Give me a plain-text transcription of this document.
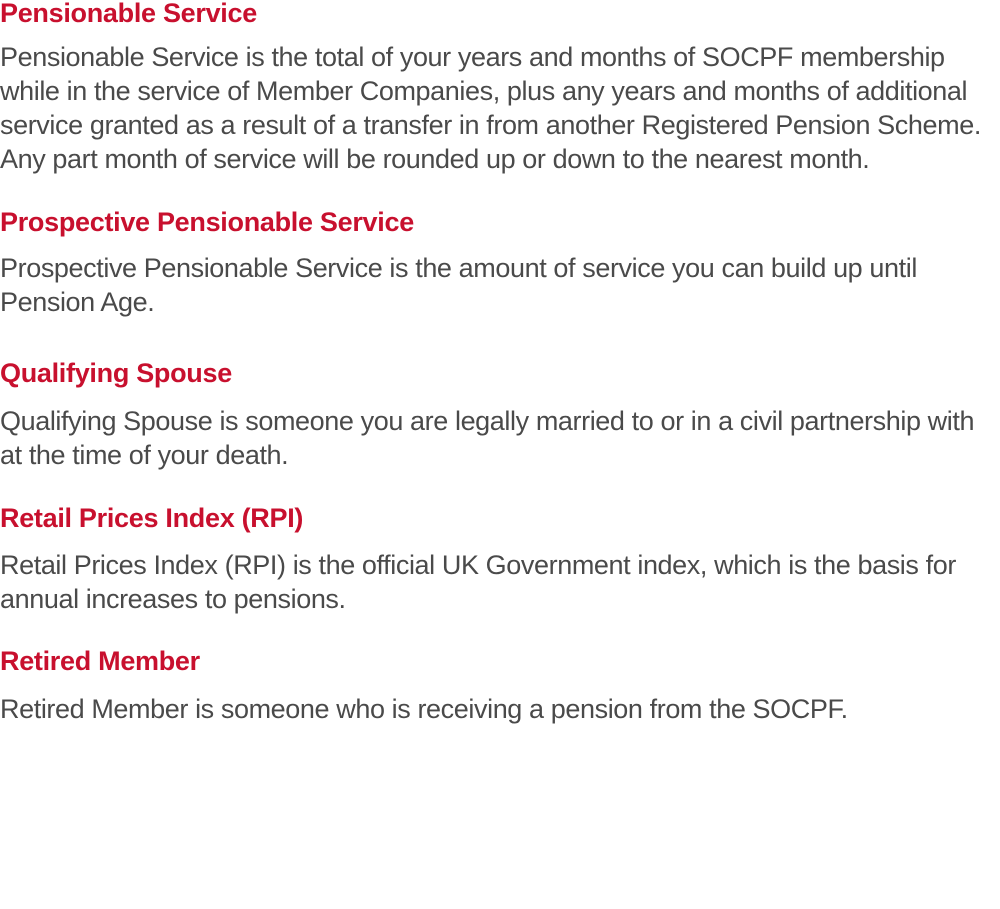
Pensionable Service

Pensionable Service is the total of your years and months of SOCPF membership while in the service of Member Companies, plus any years and months of additional service granted as a result of a transfer in from another Registered Pension Scheme. Any part month of service will be rounded up or down to the nearest month.

Prospective Pensionable Service

Prospective Pensionable Service is the amount of service you can build up until Pension Age.

Qualifying Spouse

Qualifying Spouse is someone you are legally married to or in a civil partnership with at the time of your death.

Retail Prices Index (RPI)

Retail Prices Index (RPI) is the official UK Government index, which is the basis for annual increases to pensions.

Retired Member

Retired Member is someone who is receiving a pension from the SOCPF.
